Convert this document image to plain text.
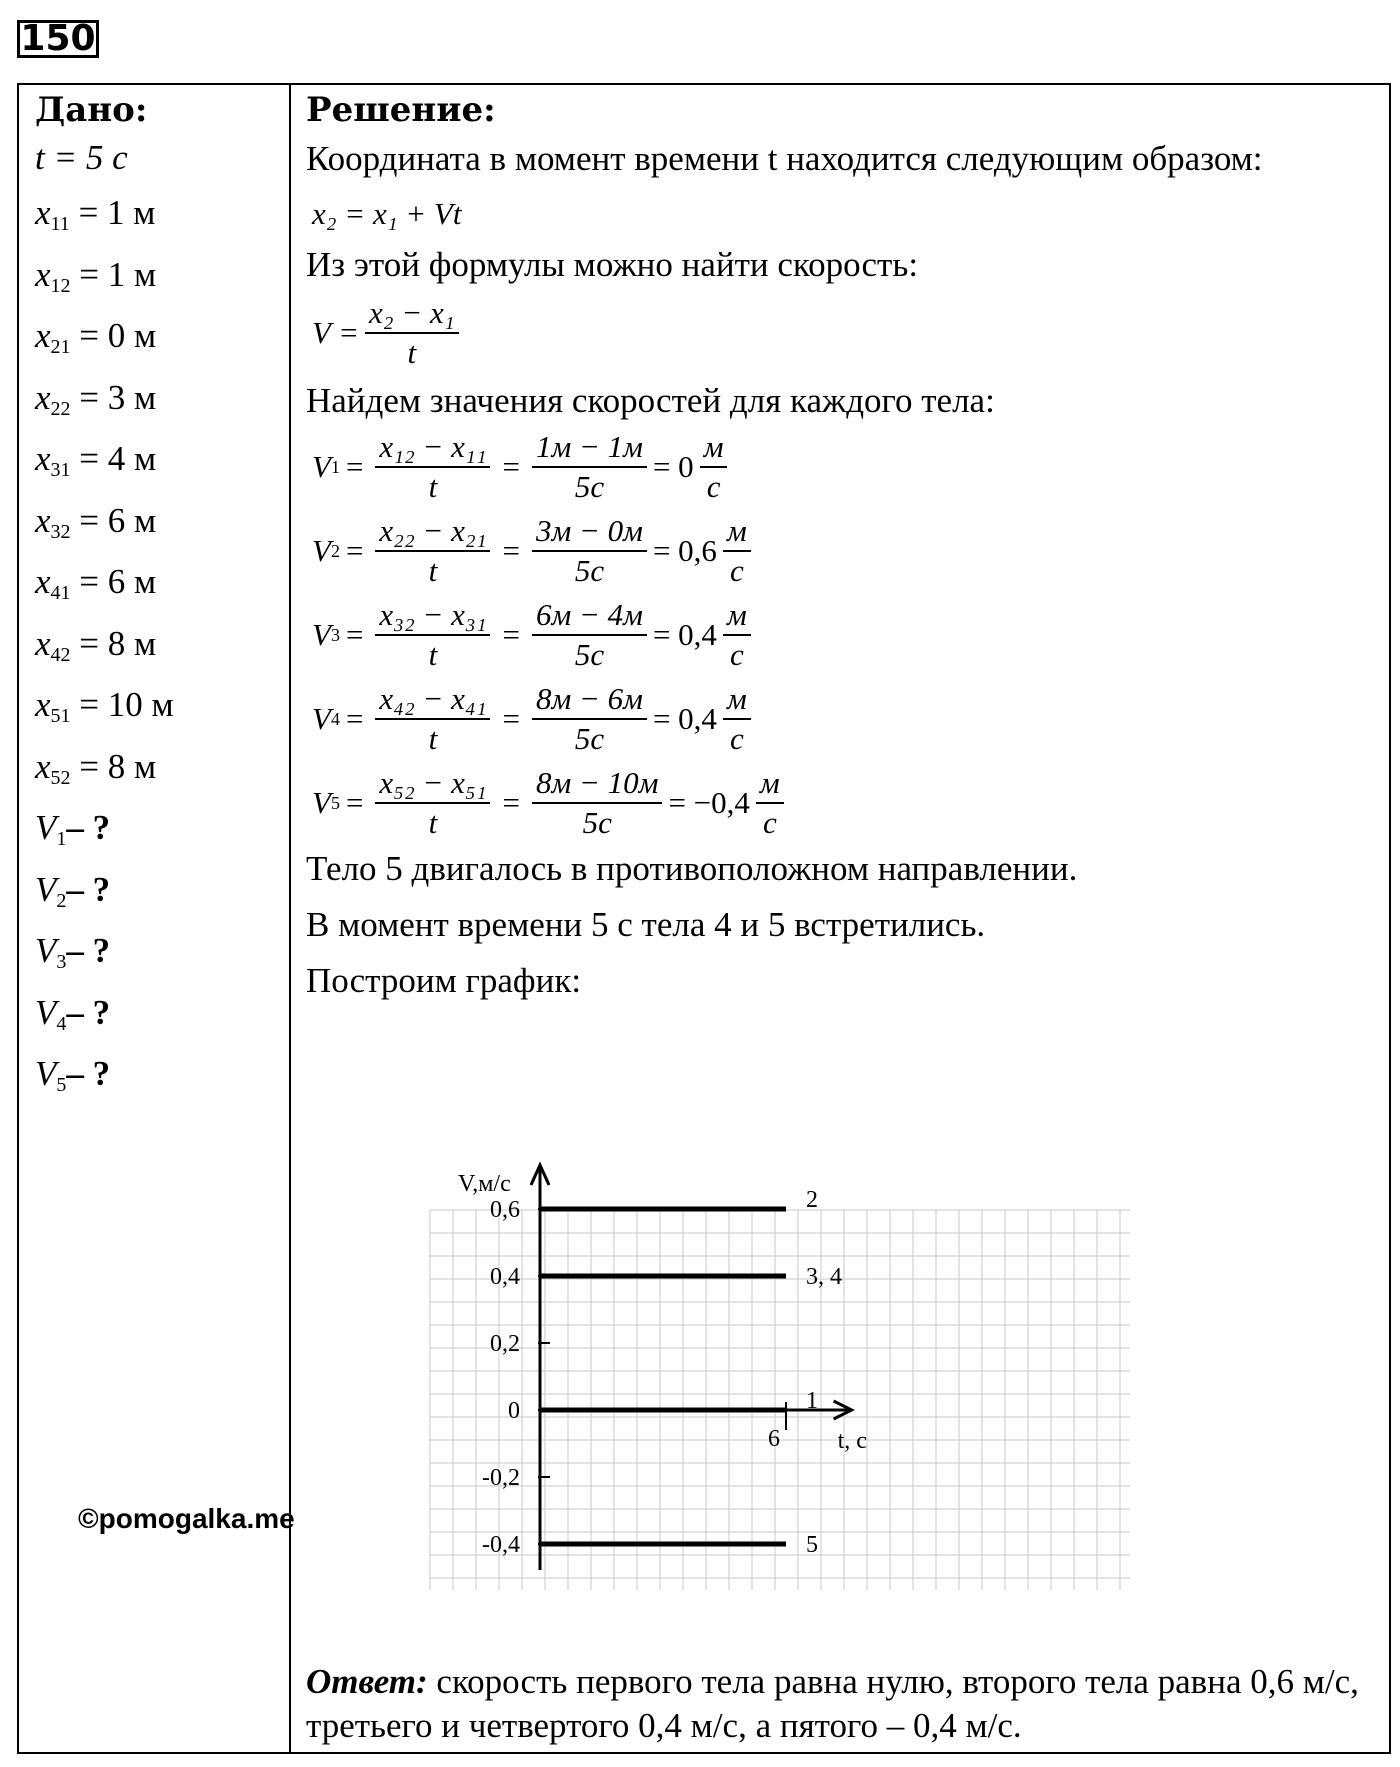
150

Дано:

t = 5 с
$x_{11} = 1$ м
$x_{12} = 1$ м
$x_{21} = 0$ м
$x_{22} = 3$ м
$x_{31} = 4$ м
$x_{32} = 6$ м
$x_{41} = 6$ м
$x_{42} = 8$ м
$x_{51} = 10$ м
$x_{52} = 8$ м
$V_1-$ ?
$V_2-$ ?
$V_3-$ ?
$V_4-$ ?
$V_5-$ ?

Решение:

Координата в момент времени t находится следующим образом:

x₂ = x₁ + Vt

Из этой формулы можно найти скорость:

$V = \frac{\text{x₂ − x₁}}{t}$

Найдем значения скоростей для каждого тела:

V $1 = \frac{\text{x₁₂ − x₁₁}}{t} = \frac{1м - 1м}{5с} = 0 \frac{м}{с}$
V $2 = \frac{\text{x₂₂ − x₂₁}}{t} = \frac{3м - 0м}{5с} = 0,6 \frac{м}{с}$
V $3 = \frac{\text{x₃₂ − x₃₁}}{t} = \frac{6м - 4м}{5с} = 0,4 \frac{м}{с}$
V $4 = \frac{\text{x₄₂ − x₄₁}}{t} = \frac{8м - 6м}{5с} = 0,4 \frac{м}{с}$
V $5 = \frac{\text{x₅₂ − x₅₁}}{t} = \frac{8м - 10м}{5с} = -0,4 \frac{м}{с}$

Тело 5 двигалось в противоположном направлении.

В момент времени 5 с тела 4 и 5 встретились.

Построим график:

0,6
0,4
0,2
0
-0,2
-0,4
V,м/с
t, с
6
2
3, 4
1
5
©pomogalka.me

Ответ: скорость первого тела равна нулю, второго тела равна 0,6 м/с, третьего и четвертого 0,4 м/с, а пятого – 0,4 м/с.
